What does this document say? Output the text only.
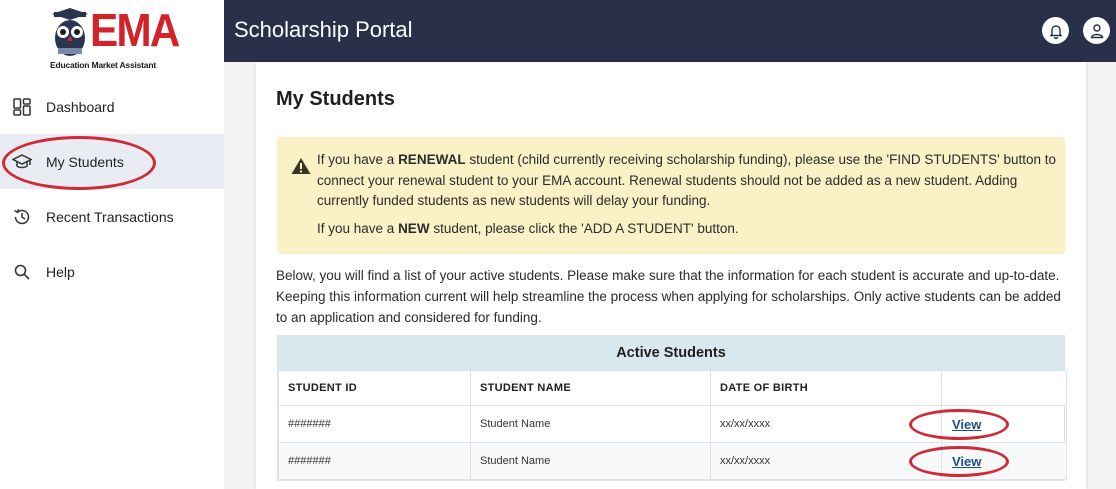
EMA
Education Market Assistant
Dashboard
My Students
Recent Transactions
Help
Scholarship Portal
My Students

If you have a RENEWAL student (child currently receiving scholarship funding), please use the 'FIND STUDENTS' button to connect your renewal student to your EMA account. Renewal students should not be added as a new student. Adding currently funded students as new students will delay your funding.

If you have a NEW student, please click the 'ADD A STUDENT' button.

Below, you will find a list of your active students. Please make sure that the information for each student is accurate and up-to-date. Keeping this information current will help streamline the process when applying for scholarships. Only active students can be added to an application and considered for funding.

Active Students
STUDENT ID	STUDENT NAME	DATE OF BIRTH	
#######	Student Name	xx/xx/xxxx	View

#######	Student Name	xx/xx/xxxx	View
